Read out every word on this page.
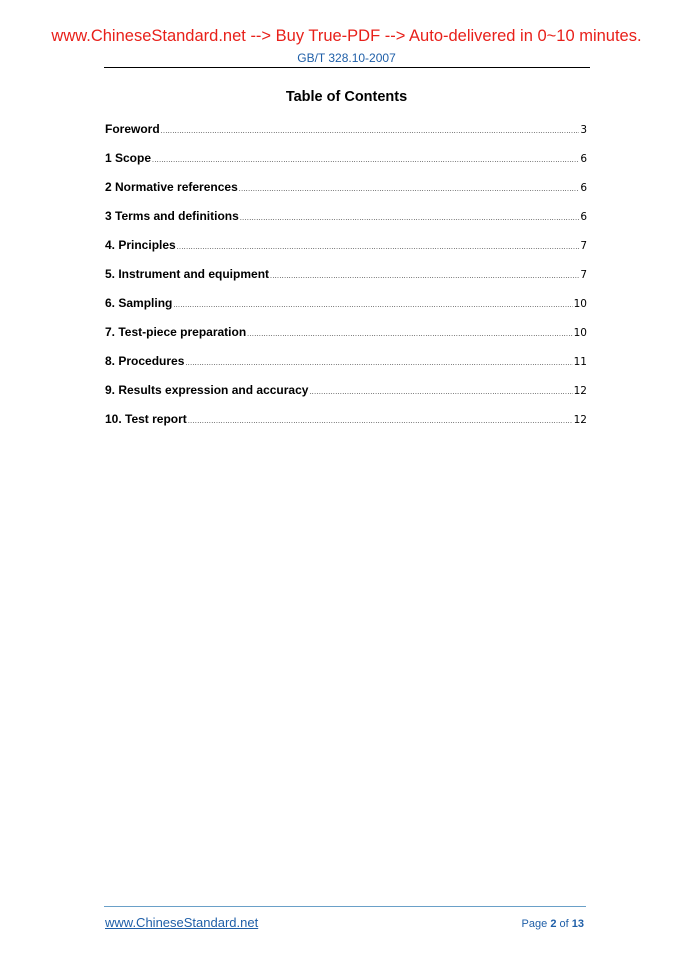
www.ChineseStandard.net --> Buy True-PDF --> Auto-delivered in 0~10 minutes.
GB/T 328.10-2007
Table of Contents
Foreword .....	3
1 Scope .....	6
2 Normative references .....	6
3 Terms and definitions .....	6
4. Principles .....	7
5. Instrument and equipment .....	7
6. Sampling .....	10
7. Test-piece preparation .....	10
8. Procedures .....	11
9. Results expression and accuracy .....	12
10. Test report .....	12
www.ChineseStandard.net	Page 2 of 13
